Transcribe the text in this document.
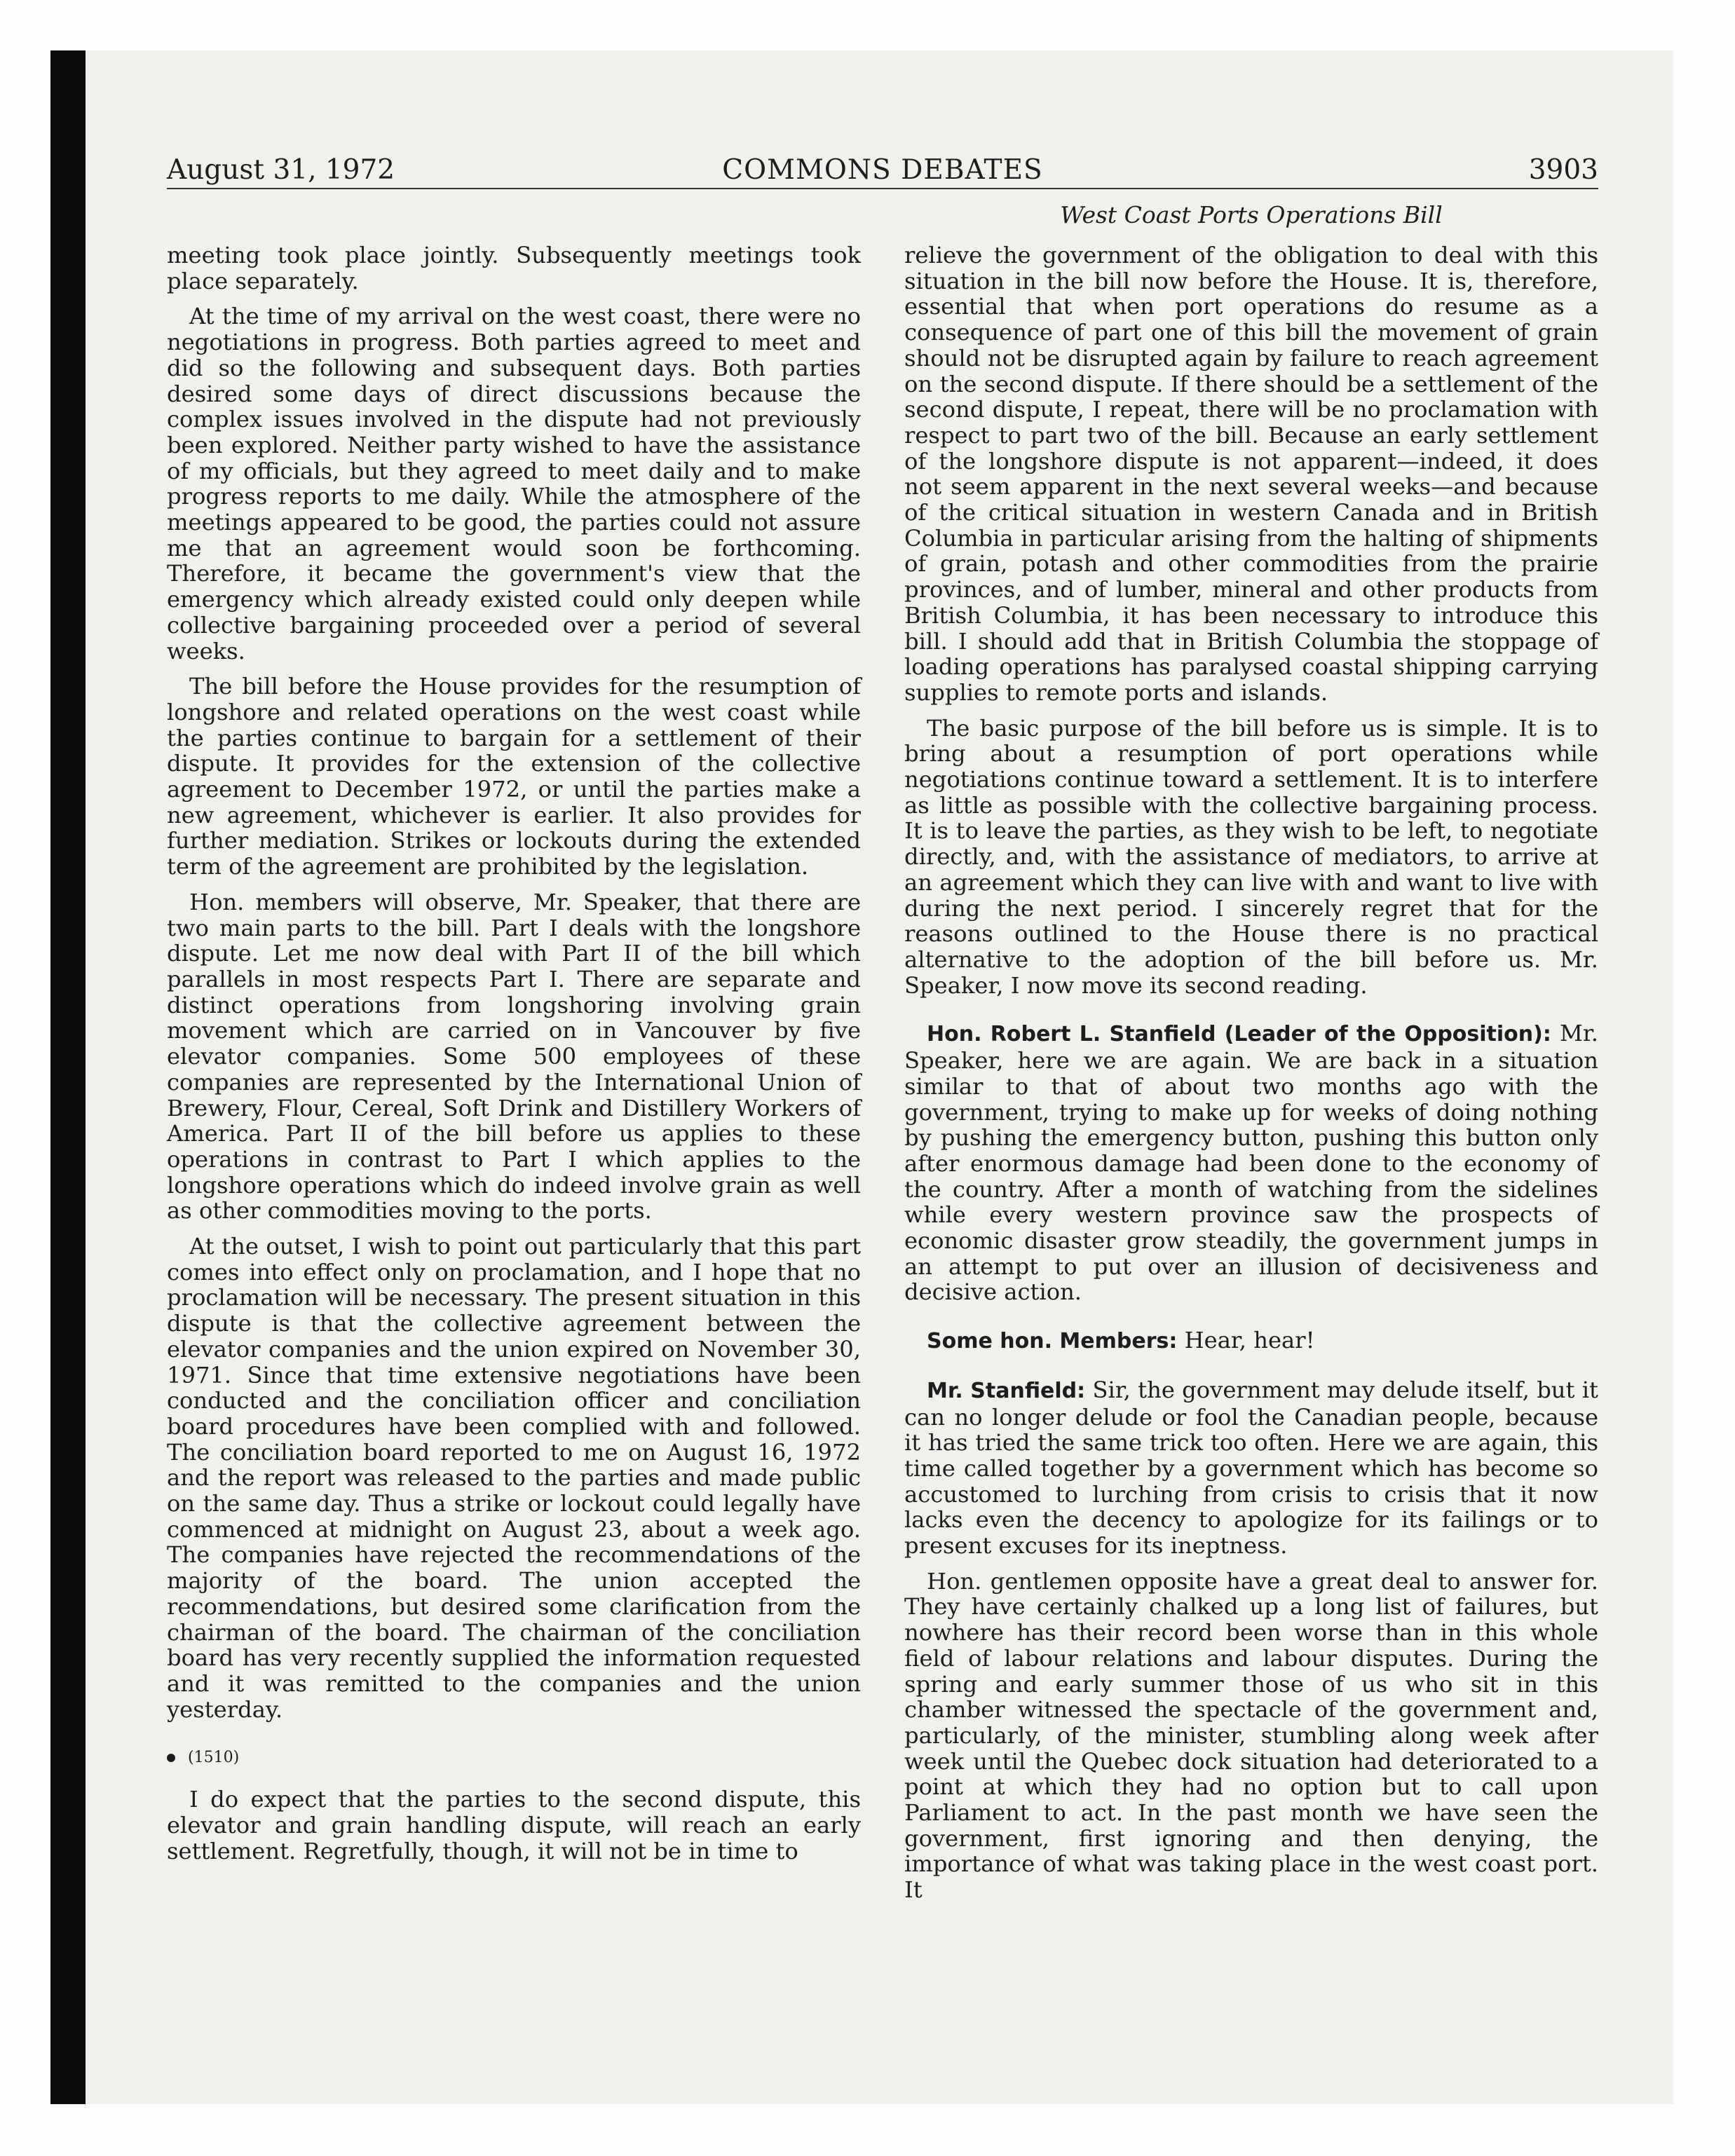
August 31, 1972	COMMONS DEBATES	3903
West Coast Ports Operations Bill

meeting took place jointly. Subsequently meetings took place separately.

At the time of my arrival on the west coast, there were no negotiations in progress. Both parties agreed to meet and did so the following and subsequent days. Both parties desired some days of direct discussions because the complex issues involved in the dispute had not previously been explored. Neither party wished to have the assistance of my officials, but they agreed to meet daily and to make progress reports to me daily. While the atmosphere of the meetings appeared to be good, the parties could not assure me that an agreement would soon be forthcoming. Therefore, it became the government's view that the emergency which already existed could only deepen while collective bargaining proceeded over a period of several weeks.

The bill before the House provides for the resumption of longshore and related operations on the west coast while the parties continue to bargain for a settlement of their dispute. It provides for the extension of the collective agreement to December 1972, or until the parties make a new agreement, whichever is earlier. It also provides for further mediation. Strikes or lockouts during the extended term of the agreement are prohibited by the legislation.

Hon. members will observe, Mr. Speaker, that there are two main parts to the bill. Part I deals with the longshore dispute. Let me now deal with Part II of the bill which parallels in most respects Part I. There are separate and distinct operations from longshoring involving grain movement which are carried on in Vancouver by five elevator companies. Some 500 employees of these companies are represented by the International Union of Brewery, Flour, Cereal, Soft Drink and Distillery Workers of America. Part II of the bill before us applies to these operations in contrast to Part I which applies to the longshore operations which do indeed involve grain as well as other commodities moving to the ports.

At the outset, I wish to point out particularly that this part comes into effect only on proclamation, and I hope that no proclamation will be necessary. The present situation in this dispute is that the collective agreement between the elevator companies and the union expired on November 30, 1971. Since that time extensive negotiations have been conducted and the conciliation officer and conciliation board procedures have been complied with and followed. The conciliation board reported to me on August 16, 1972 and the report was released to the parties and made public on the same day. Thus a strike or lockout could legally have commenced at midnight on August 23, about a week ago. The companies have rejected the recommendations of the majority of the board. The union accepted the recommendations, but desired some clarification from the chairman of the board. The chairman of the conciliation board has very recently supplied the information requested and it was remitted to the companies and the union yesterday.

(1510)

I do expect that the parties to the second dispute, this elevator and grain handling dispute, will reach an early settlement. Regretfully, though, it will not be in time to

relieve the government of the obligation to deal with this situation in the bill now before the House. It is, therefore, essential that when port operations do resume as a consequence of part one of this bill the movement of grain should not be disrupted again by failure to reach agreement on the second dispute. If there should be a settlement of the second dispute, I repeat, there will be no proclamation with respect to part two of the bill. Because an early settlement of the longshore dispute is not apparent—indeed, it does not seem apparent in the next several weeks—and because of the critical situation in western Canada and in British Columbia in particular arising from the halting of shipments of grain, potash and other commodities from the prairie provinces, and of lumber, mineral and other products from British Columbia, it has been necessary to introduce this bill. I should add that in British Columbia the stoppage of loading operations has paralysed coastal shipping carrying supplies to remote ports and islands.

The basic purpose of the bill before us is simple. It is to bring about a resumption of port operations while negotiations continue toward a settlement. It is to interfere as little as possible with the collective bargaining process. It is to leave the parties, as they wish to be left, to negotiate directly, and, with the assistance of mediators, to arrive at an agreement which they can live with and want to live with during the next period. I sincerely regret that for the reasons outlined to the House there is no practical alternative to the adoption of the bill before us. Mr. Speaker, I now move its second reading.

Hon. Robert L. Stanfield (Leader of the Opposition): Mr. Speaker, here we are again. We are back in a situation similar to that of about two months ago with the government, trying to make up for weeks of doing nothing by pushing the emergency button, pushing this button only after enormous damage had been done to the economy of the country. After a month of watching from the sidelines while every western province saw the prospects of economic disaster grow steadily, the government jumps in an attempt to put over an illusion of decisiveness and decisive action.

Some hon. Members: Hear, hear!

Mr. Stanfield: Sir, the government may delude itself, but it can no longer delude or fool the Canadian people, because it has tried the same trick too often. Here we are again, this time called together by a government which has become so accustomed to lurching from crisis to crisis that it now lacks even the decency to apologize for its failings or to present excuses for its ineptness.

Hon. gentlemen opposite have a great deal to answer for. They have certainly chalked up a long list of failures, but nowhere has their record been worse than in this whole field of labour relations and labour disputes. During the spring and early summer those of us who sit in this chamber witnessed the spectacle of the government and, particularly, of the minister, stumbling along week after week until the Quebec dock situation had deteriorated to a point at which they had no option but to call upon Parliament to act. In the past month we have seen the government, first ignoring and then denying, the importance of what was taking place in the west coast port. It
